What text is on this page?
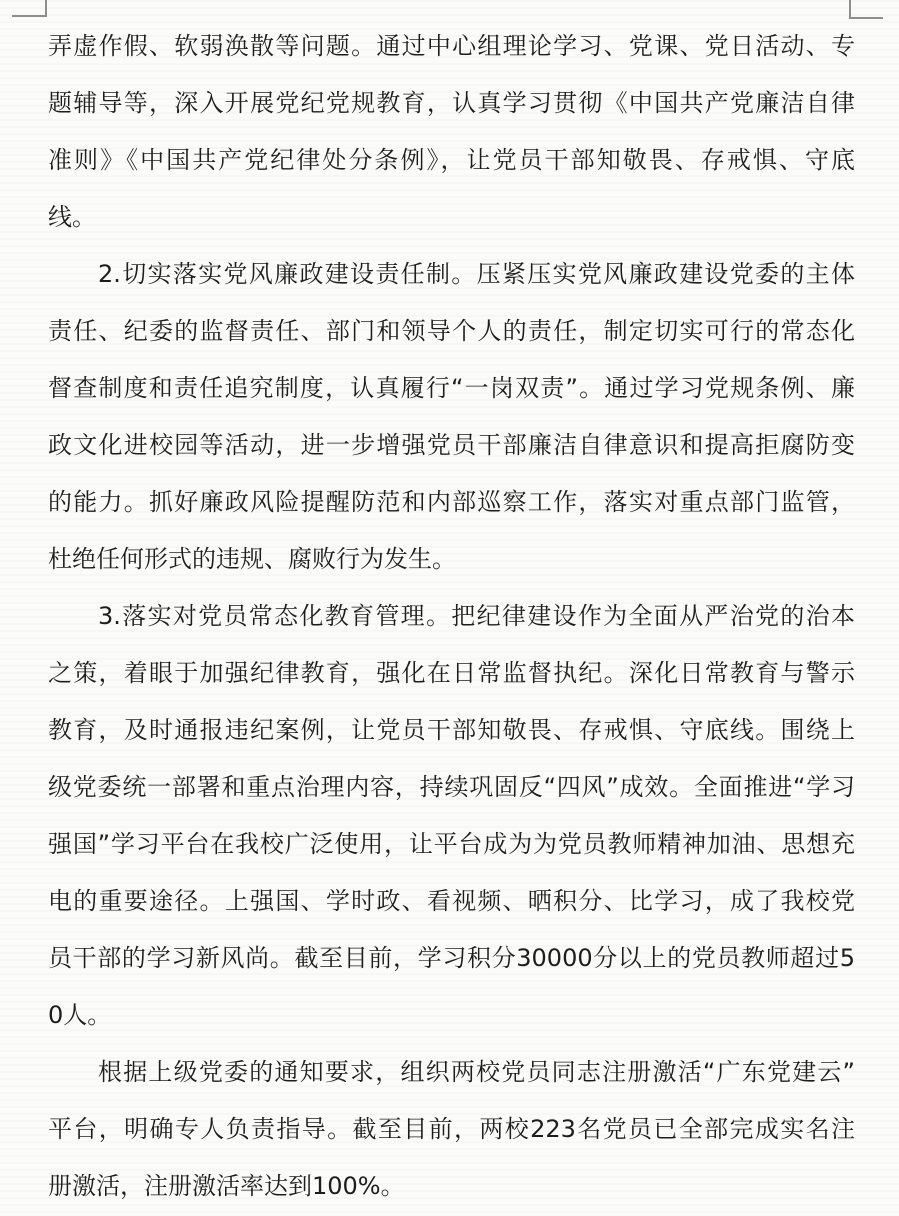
弄虚作假、软弱涣散等问题。通过中心组理论学习、党课、党日活动、专
题辅导等，深入开展党纪党规教育，认真学习贯彻《中国共产党廉洁自律
准则》《中国共产党纪律处分条例》，让党员干部知敬畏、存戒惧、守底
线。
2.切实落实党风廉政建设责任制。压紧压实党风廉政建设党委的主体
责任、纪委的监督责任、部门和领导个人的责任，制定切实可行的常态化
督查制度和责任追究制度，认真履行“一岗双责”。通过学习党规条例、廉
政文化进校园等活动，进一步增强党员干部廉洁自律意识和提高拒腐防变
的能力。抓好廉政风险提醒防范和内部巡察工作，落实对重点部门监管，
杜绝任何形式的违规、腐败行为发生。
3.落实对党员常态化教育管理。把纪律建设作为全面从严治党的治本
之策，着眼于加强纪律教育，强化在日常监督执纪。深化日常教育与警示
教育，及时通报违纪案例，让党员干部知敬畏、存戒惧、守底线。围绕上
级党委统一部署和重点治理内容，持续巩固反“四风”成效。全面推进“学习
强国”学习平台在我校广泛使用，让平台成为为党员教师精神加油、思想充
电的重要途径。上强国、学时政、看视频、晒积分、比学习，成了我校党
员干部的学习新风尚。截至目前，学习积分30000分以上的党员教师超过5
0人。
根据上级党委的通知要求，组织两校党员同志注册激活“广东党建云”
平台，明确专人负责指导。截至目前，两校223名党员已全部完成实名注
册激活，注册激活率达到100%。
